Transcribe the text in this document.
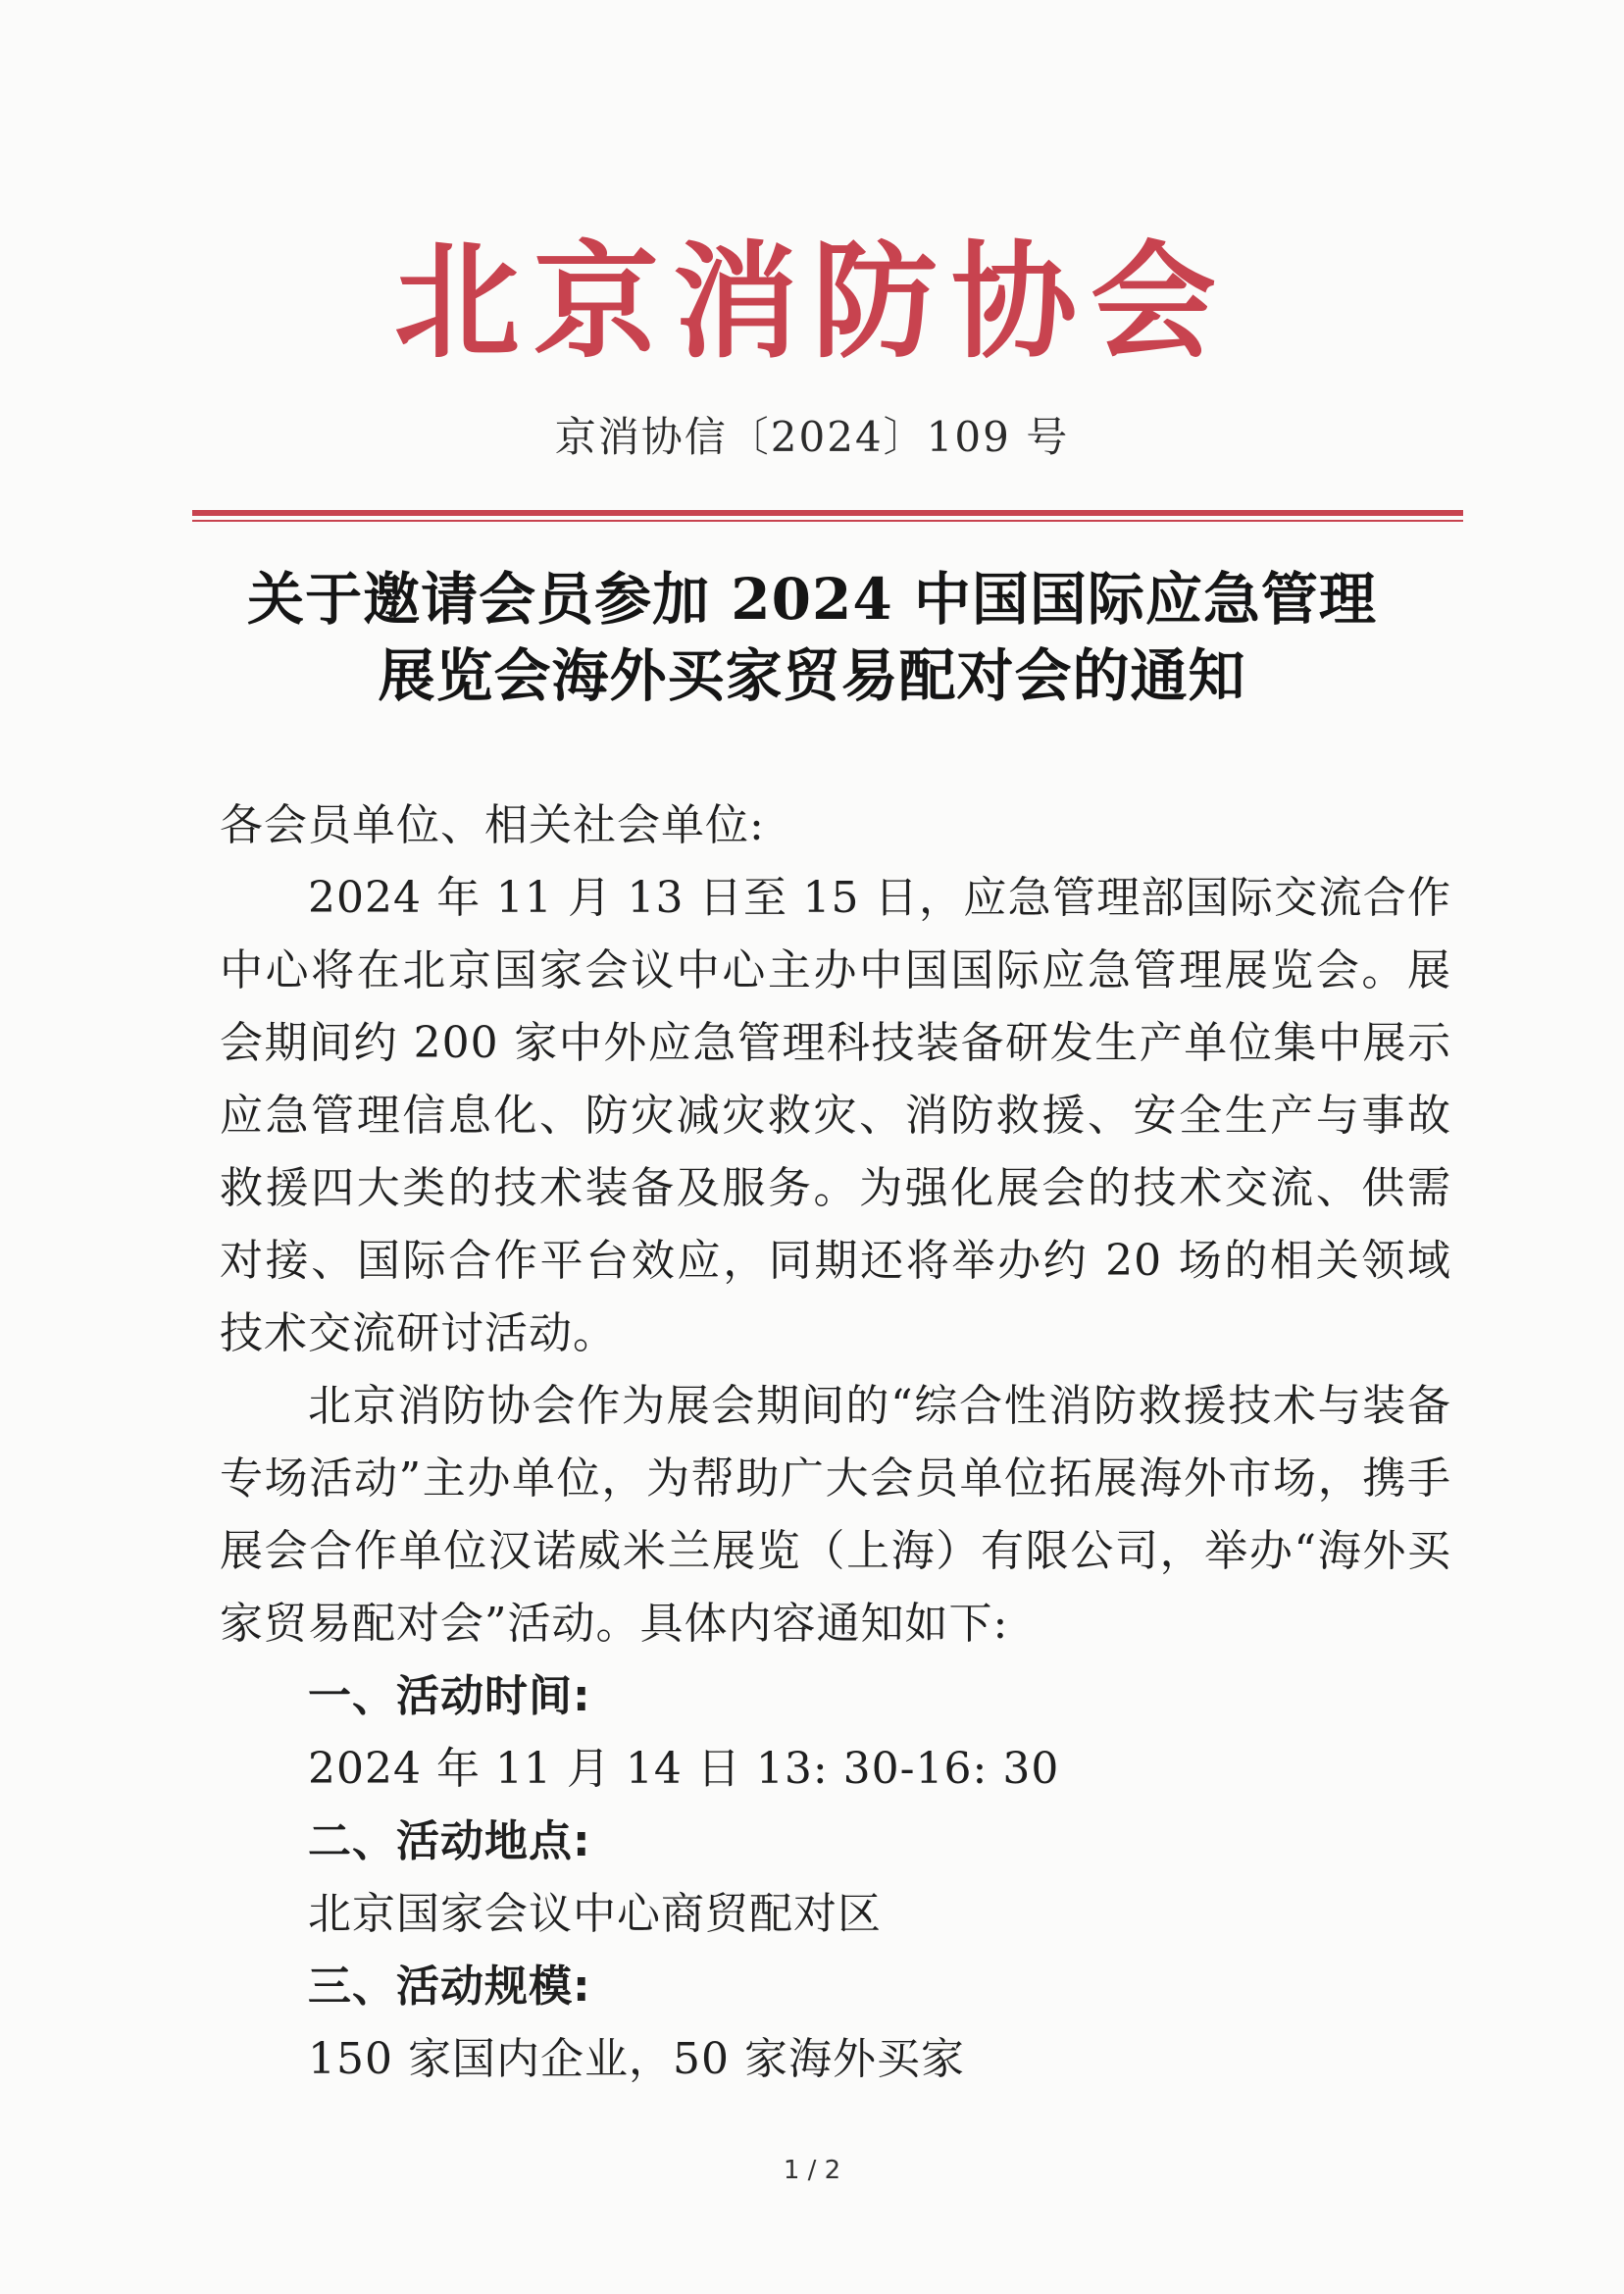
北京消防协会
京消协信〔2024〕109 号
关于邀请会员参加 2024 中国国际应急管理
展览会海外买家贸易配对会的通知

各会员单位、相关社会单位:

2024 年 11 月 13 日至 15 日，应急管理部国际交流合作中心将在北京国家会议中心主办中国国际应急管理展览会。展会期间约 200 家中外应急管理科技装备研发生产单位集中展示应急管理信息化、防灾减灾救灾、消防救援、安全生产与事故救援四大类的技术装备及服务。为强化展会的技术交流、供需对接、国际合作平台效应，同期还将举办约 20 场的相关领域技术交流研讨活动。

北京消防协会作为展会期间的“综合性消防救援技术与装备专场活动”主办单位，为帮助广大会员单位拓展海外市场，携手展会合作单位汉诺威米兰展览（上海）有限公司，举办“海外买家贸易配对会”活动。具体内容通知如下:

一、活动时间:

2024 年 11 月 14 日 13: 30-16: 30

二、活动地点:

北京国家会议中心商贸配对区

三、活动规模:

150 家国内企业，50 家海外买家

1 / 2
